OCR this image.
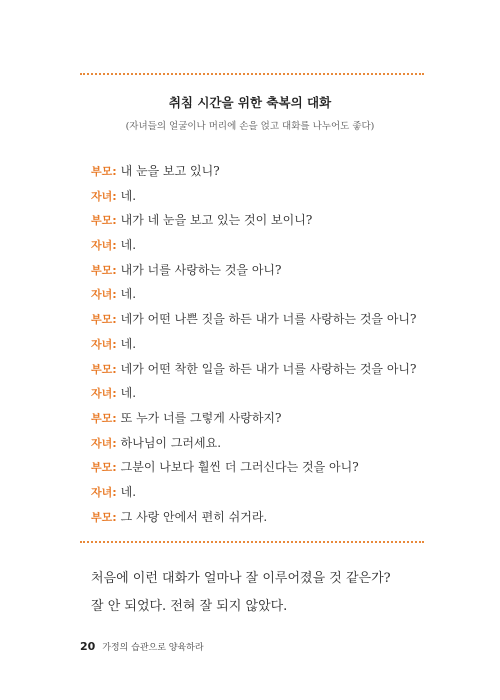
취침 시간을 위한 축복의 대화
(자녀들의 얼굴이나 머리에 손을 얹고 대화를 나누어도 좋다)
부모: 내 눈을 보고 있니?
자녀: 네.
부모: 내가 네 눈을 보고 있는 것이 보이니?
자녀: 네.
부모: 내가 너를 사랑하는 것을 아니?
자녀: 네.
부모: 네가 어떤 나쁜 짓을 하든 내가 너를 사랑하는 것을 아니?
자녀: 네.
부모: 네가 어떤 착한 일을 하든 내가 너를 사랑하는 것을 아니?
자녀: 네.
부모: 또 누가 너를 그렇게 사랑하지?
자녀: 하나님이 그러세요.
부모: 그분이 나보다 훨씬 더 그러신다는 것을 아니?
자녀: 네.
부모: 그 사랑 안에서 편히 쉬거라.
처음에 이런 대화가 얼마나 잘 이루어졌을 것 같은가?
잘 안 되었다. 전혀 잘 되지 않았다.
20 가정의 습관으로 양육하라
